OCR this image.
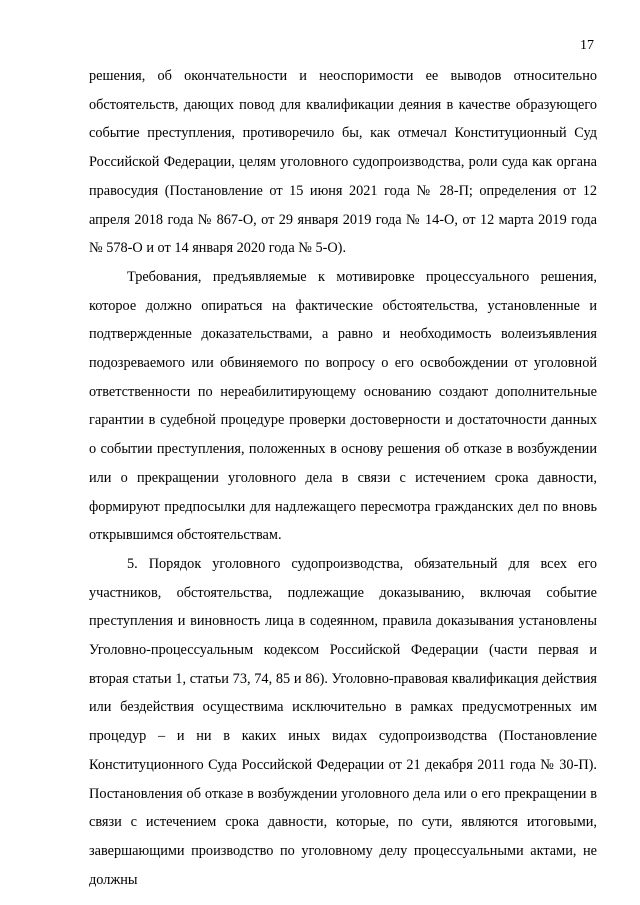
17

решения, об окончательности и неоспоримости ее выводов относительно обстоятельств, дающих повод для квалификации деяния в качестве образующего событие преступления, противоречило бы, как отмечал Конституционный Суд Российской Федерации, целям уголовного судопроизводства, роли суда как органа правосудия (Постановление от 15 июня 2021 года № 28-П; определения от 12 апреля 2018 года № 867-О, от 29 января 2019 года № 14-О, от 12 марта 2019 года № 578-О и от 14 января 2020 года № 5-О).

Требования, предъявляемые к мотивировке процессуального решения, которое должно опираться на фактические обстоятельства, установленные и подтвержденные доказательствами, а равно и необходимость волеизъявления подозреваемого или обвиняемого по вопросу о его освобождении от уголовной ответственности по нереабилитирующему основанию создают дополнительные гарантии в судебной процедуре проверки достоверности и достаточности данных о событии преступления, положенных в основу решения об отказе в возбуждении или о прекращении уголовного дела в связи с истечением срока давности, формируют предпосылки для надлежащего пересмотра гражданских дел по вновь открывшимся обстоятельствам.

5. Порядок уголовного судопроизводства, обязательный для всех его участников, обстоятельства, подлежащие доказыванию, включая событие преступления и виновность лица в содеянном, правила доказывания установлены Уголовно-процессуальным кодексом Российской Федерации (части первая и вторая статьи 1, статьи 73, 74, 85 и 86). Уголовно-правовая квалификация действия или бездействия осуществима исключительно в рамках предусмотренных им процедур – и ни в каких иных видах судопроизводства (Постановление Конституционного Суда Российской Федерации от 21 декабря 2011 года № 30-П). Постановления об отказе в возбуждении уголовного дела или о его прекращении в связи с истечением срока давности, которые, по сути, являются итоговыми, завершающими производство по уголовному делу процессуальными актами, не должны
